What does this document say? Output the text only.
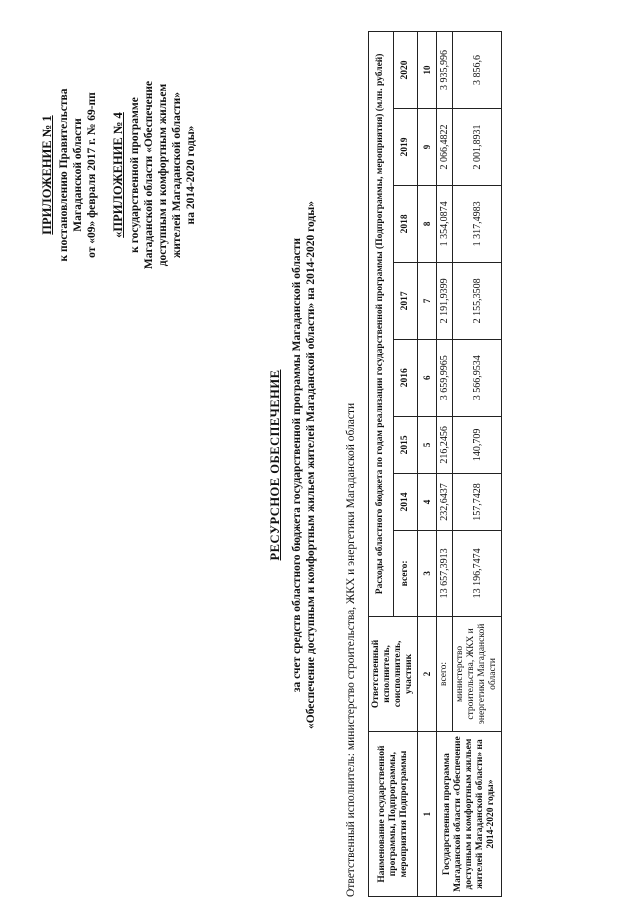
ПРИЛОЖЕНИЕ № 1 к постановлению Правительства Магаданской области от «09» февраля 2017 г. № 69-пп «ПРИЛОЖЕНИЕ № 4 к государственной программе Магаданской области «Обеспечение доступным и комфортным жильем жителей Магаданской области» на 2014-2020 годы»
РЕСУРСНОЕ ОБЕСПЕЧЕНИЕ за счет средств областного бюджета государственной программы Магаданской области «Обеспечение доступным и комфортным жильем жителей Магаданской области» на 2014-2020 годы» Ответственный исполнитель: министерство строительства, ЖКХ и энергетики Магаданской области Наименование государственной программы, Подпрограммы, мероприятия Подпрограммы	Ответственный исполнитель, соисполнитель, участник	Расходы областного бюджета по годам реализации государственной программы (Подпрограммы, мероприятия) (млн. рублей)							
		всего:	2014	2015	2016	2017	2018	2019	2020
1	2	3	4	5	6	7	8	9	10
Государственная программа Магаданской области «Обеспечение доступным и комфортным жильем жителей Магаданской области» на 2014-2020 годы»	всего:	13 657,3913	232,6437	216,2456	3 659,9965	2 191,9399	1 354,0874	2 066,4822	3 935,996
	министерство строительства, ЖКХ и энергетики Магаданской области	13 196,7474	157,7428	140,709	3 566,9534	2 155,3508	1 317,4983	2 001,8931	3 856,6
